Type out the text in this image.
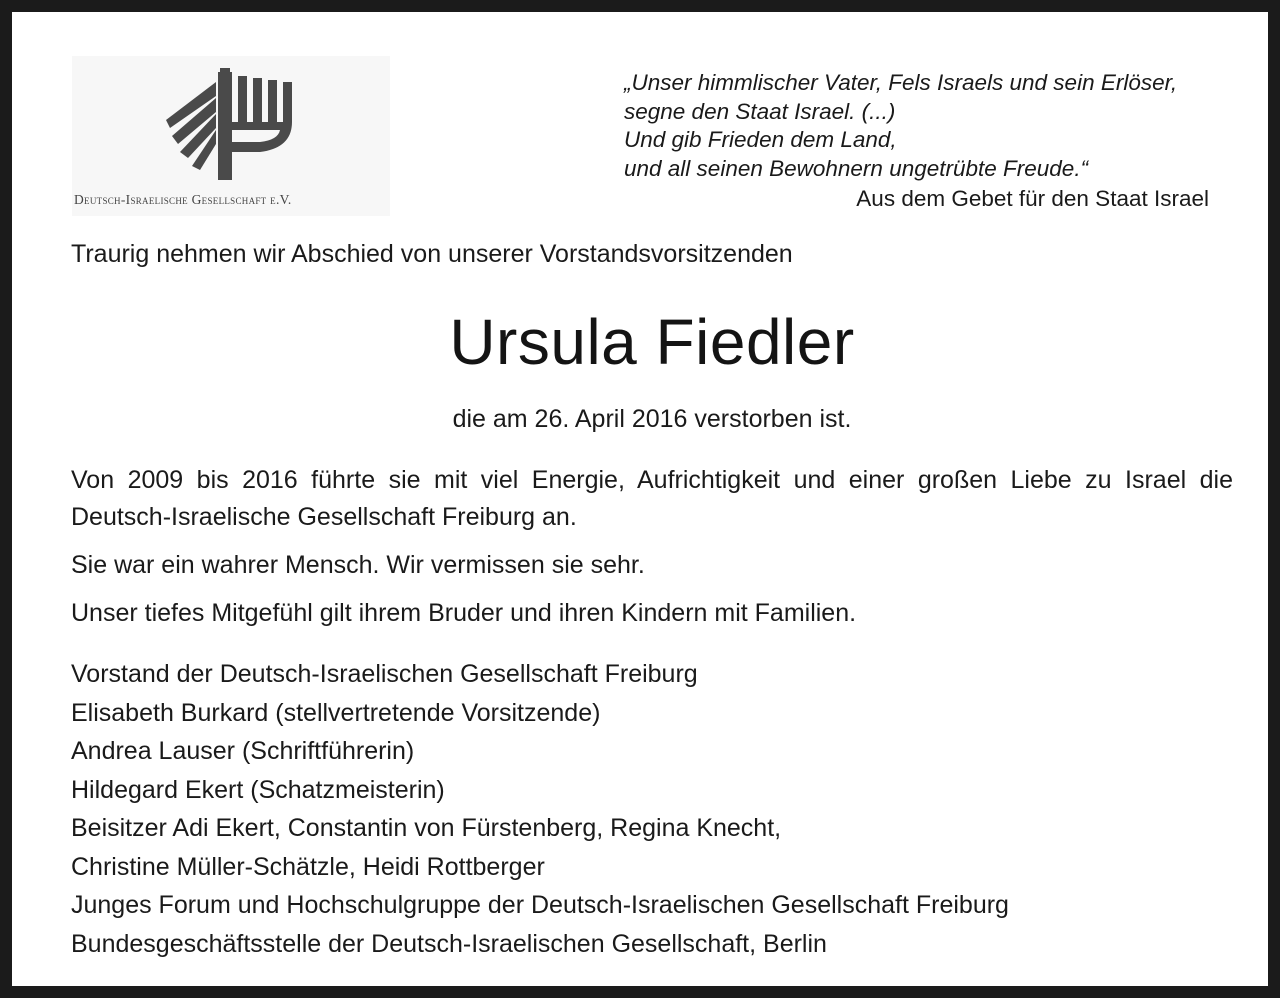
Deutsch-Israelische Gesellschaft e.V.
„Unser himmlischer Vater, Fels Israels und sein Erlöser,
segne den Staat Israel. (...)
Und gib Frieden dem Land,
und all seinen Bewohnern ungetrübte Freude.“
Aus dem Gebet für den Staat Israel
Traurig nehmen wir Abschied von unserer Vorstandsvorsitzenden
Ursula Fiedler
die am 26. April 2016 verstorben ist.
Von 2009 bis 2016 führte sie mit viel Energie, Aufrichtigkeit und einer großen Liebe zu Israel die Deutsch-Israelische Gesellschaft Freiburg an.
Sie war ein wahrer Mensch. Wir vermissen sie sehr.
Unser tiefes Mitgefühl gilt ihrem Bruder und ihren Kindern mit Familien.
Vorstand der Deutsch-Israelischen Gesellschaft Freiburg
Elisabeth Burkard (stellvertretende Vorsitzende)
Andrea Lauser (Schriftführerin)
Hildegard Ekert (Schatzmeisterin)
Beisitzer Adi Ekert, Constantin von Fürstenberg, Regina Knecht,
Christine Müller-Schätzle, Heidi Rottberger
Junges Forum und Hochschulgruppe der Deutsch-Israelischen Gesellschaft Freiburg
Bundesgeschäftsstelle der Deutsch-Israelischen Gesellschaft, Berlin
